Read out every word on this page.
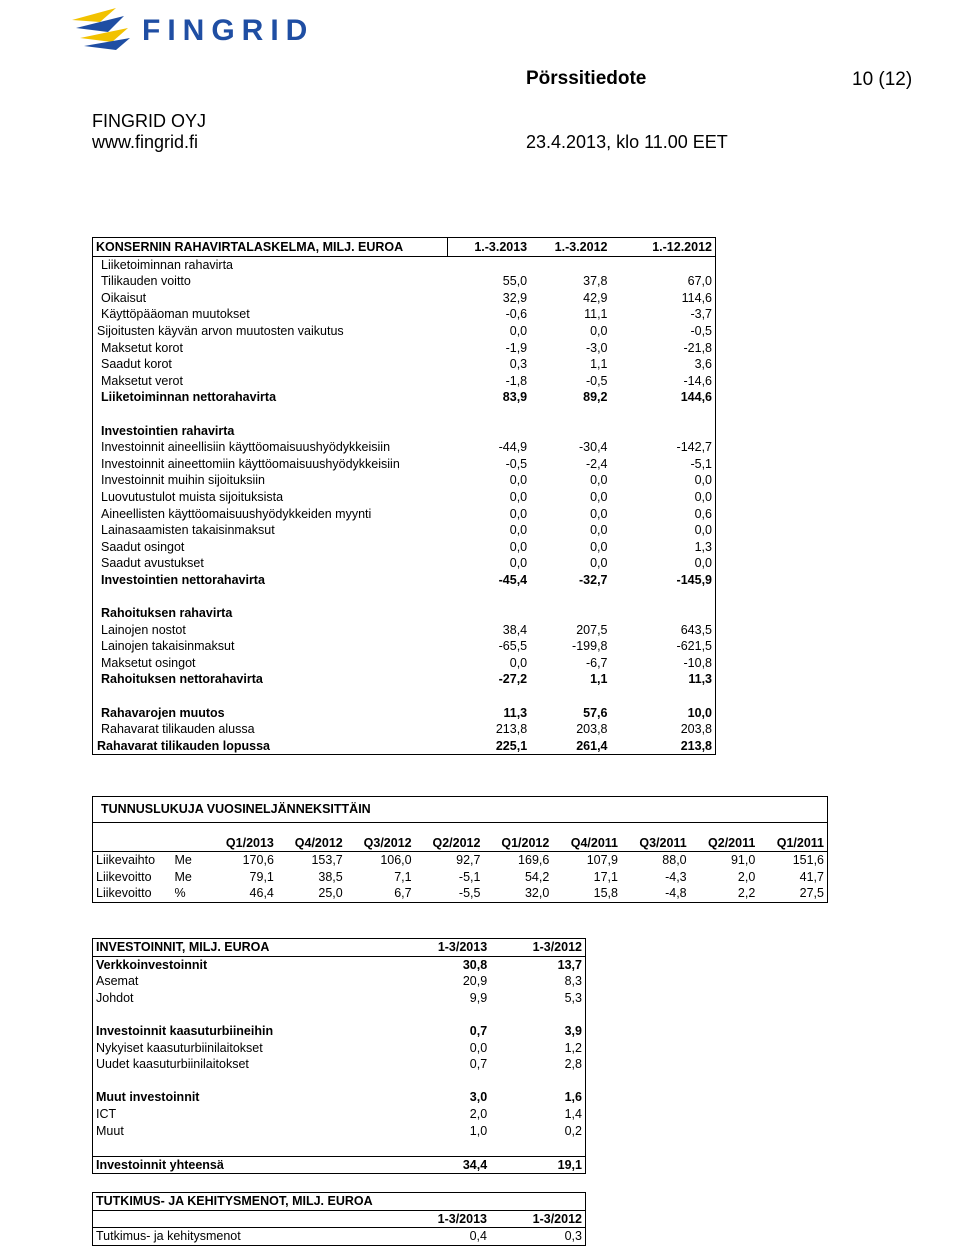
FINGRID
Pörssitiedote	10 (12)
FINGRID OYJ
www.fingrid.fi	23.4.2013, klo 11.00 EET
KONSERNIN RAHAVIRTALASKELMA, MILJ. EUROA	1.-3.2013	1.-3.2012	1.-12.2012
Liiketoiminnan rahavirta			
Tilikauden voitto	55,0	37,8	67,0
Oikaisut	32,9	42,9	114,6
Käyttöpääoman muutokset	-0,6	11,1	-3,7
Sijoitusten käyvän arvon muutosten vaikutus	0,0	0,0	-0,5
Maksetut korot	-1,9	-3,0	-21,8
Saadut korot	0,3	1,1	3,6
Maksetut verot	-1,8	-0,5	-14,6
Liiketoiminnan nettorahavirta	83,9	89,2	144,6

Investointien rahavirta			
Investoinnit aineellisiin käyttöomaisuushyödykkeisiin	-44,9	-30,4	-142,7
Investoinnit aineettomiin käyttöomaisuushyödykkeisiin	-0,5	-2,4	-5,1
Investoinnit muihin sijoituksiin	0,0	0,0	0,0
Luovutustulot muista sijoituksista	0,0	0,0	0,0
Aineellisten käyttöomaisuushyödykkeiden myynti	0,0	0,0	0,6
Lainasaamisten takaisinmaksut	0,0	0,0	0,0
Saadut osingot	0,0	0,0	1,3
Saadut avustukset	0,0	0,0	0,0
Investointien nettorahavirta	-45,4	-32,7	-145,9

Rahoituksen rahavirta			
Lainojen nostot	38,4	207,5	643,5
Lainojen takaisinmaksut	-65,5	-199,8	-621,5
Maksetut osingot	0,0	-6,7	-10,8
Rahoituksen nettorahavirta	-27,2	1,1	11,3

Rahavarojen muutos	11,3	57,6	10,0
Rahavarat tilikauden alussa	213,8	203,8	203,8
Rahavarat tilikauden lopussa	225,1	261,4	213,8
TUNNUSLUKUJA VUOSINELJÄNNEKSITTÄIN										

		Q1/2013	Q4/2012	Q3/2012	Q2/2012	Q1/2012	Q4/2011	Q3/2011	Q2/2011	Q1/2011
Liikevaihto	Me	170,6	153,7	106,0	92,7	169,6	107,9	88,0	91,0	151,6
Liikevoitto	Me	79,1	38,5	7,1	-5,1	54,2	17,1	-4,3	2,0	41,7
Liikevoitto	%	46,4	25,0	6,7	-5,5	32,0	15,8	-4,8	2,2	27,5
INVESTOINNIT, MILJ. EUROA	1-3/2013	1-3/2012
Verkkoinvestoinnit	30,8	13,7
Asemat	20,9	8,3
Johdot	9,9	5,3

Investoinnit kaasuturbiineihin	0,7	3,9
Nykyiset kaasuturbiinilaitokset	0,0	1,2
Uudet kaasuturbiinilaitokset	0,7	2,8

Muut investoinnit	3,0	1,6
ICT	2,0	1,4
Muut	1,0	0,2

Investoinnit yhteensä	34,4	19,1
TUTKIMUS- JA KEHITYSMENOT, MILJ. EUROA		
	1-3/2013	1-3/2012
Tutkimus- ja kehitysmenot	0,4	0,3
